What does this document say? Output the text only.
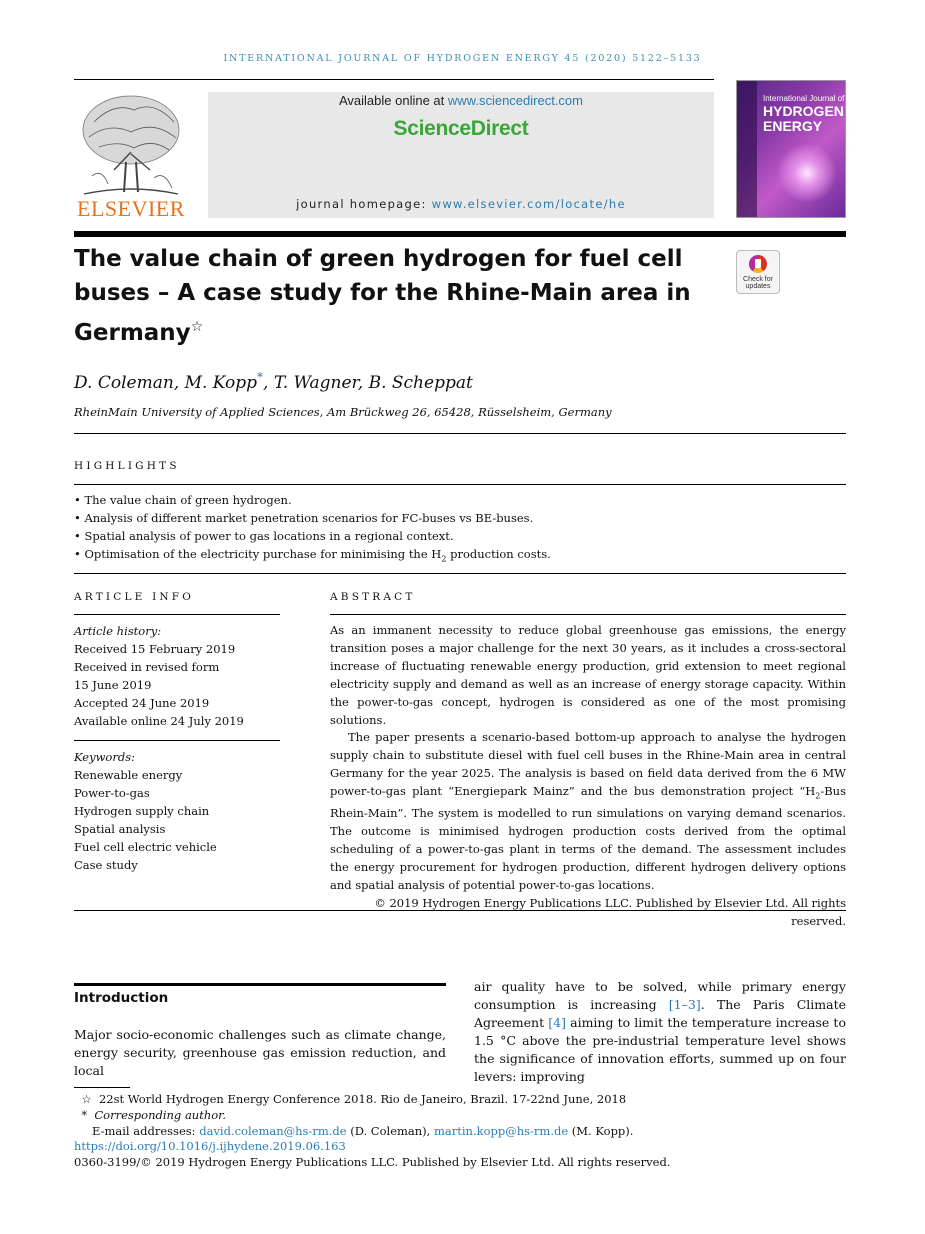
INTERNATIONAL JOURNAL OF HYDROGEN ENERGY 45 (2020) 5122–5133
ELSEVIER
Available online at www.sciencedirect.com
ScienceDirect
journal homepage: www.elsevier.com/locate/he
International Journal of
HYDROGEN
ENERGY
The value chain of green hydrogen for fuel cell buses – A case study for the Rhine-Main area in Germany☆
Check for
updates
D. Coleman, M. Kopp*, T. Wagner, B. Scheppat
RheinMain University of Applied Sciences, Am Brückweg 26, 65428, Rüsselsheim, Germany
HIGHLIGHTS
• The value chain of green hydrogen.
• Analysis of different market penetration scenarios for FC-buses vs BE-buses.
• Spatial analysis of power to gas locations in a regional context.
• Optimisation of the electricity purchase for minimising the $H_2$ production costs.
ARTICLE INFO
Article history:
Received 15 February 2019
Received in revised form
15 June 2019
Accepted 24 June 2019
Available online 24 July 2019
Keywords:
Renewable energy
Power-to-gas
Hydrogen supply chain
Spatial analysis
Fuel cell electric vehicle
Case study
ABSTRACT

As an immanent necessity to reduce global greenhouse gas emissions, the energy transition poses a major challenge for the next 30 years, as it includes a cross-sectoral increase of fluctuating renewable energy production, grid extension to meet regional electricity supply and demand as well as an increase of energy storage capacity. Within the power-to-gas concept, hydrogen is considered as one of the most promising solutions.

The paper presents a scenario-based bottom-up approach to analyse the hydrogen supply chain to substitute diesel with fuel cell buses in the Rhine-Main area in central Germany for the year 2025. The analysis is based on field data derived from the 6 MW power-to-gas plant “Energiepark Mainz” and the bus demonstration project “$H_2$-Bus Rhein-Main”. The system is modelled to run simulations on varying demand scenarios. The outcome is minimised hydrogen production costs derived from the optimal scheduling of a power-to-gas plant in terms of the demand. The assessment includes the energy procurement for hydrogen production, different hydrogen delivery options and spatial analysis of potential power-to-gas locations.

© 2019 Hydrogen Energy Publications LLC. Published by Elsevier Ltd. All rights reserved.

Introduction
Major socio-economic challenges such as climate change, energy security, greenhouse gas emission reduction, and local
air quality have to be solved, while primary energy consumption is increasing [1–3]. The Paris Climate Agreement [4] aiming to limit the temperature increase to 1.5 °C above the pre-industrial temperature level shows the significance of innovation efforts, summed up on four levers: improving
☆ 22st World Hydrogen Energy Conference 2018. Rio de Janeiro, Brazil. 17-22nd June, 2018
* Corresponding author.
E-mail addresses: david.coleman@hs-rm.de (D. Coleman), martin.kopp@hs-rm.de (M. Kopp).
https://doi.org/10.1016/j.ijhydene.2019.06.163
0360-3199/© 2019 Hydrogen Energy Publications LLC. Published by Elsevier Ltd. All rights reserved.
